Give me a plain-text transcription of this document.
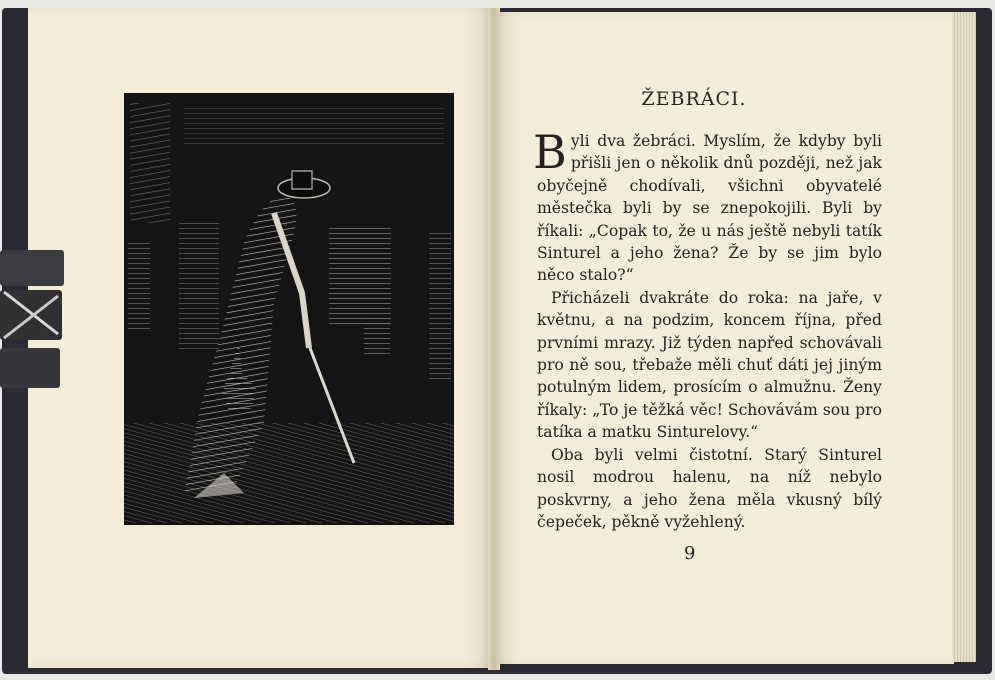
ŽEBRÁCI.

Byli dva žebráci. Myslím, že kdyby byli přišli jen o několik dnů později, než jak obyčejně chodívali, všichni obyvatelé městečka byli by se znepokojili. Byli by říkali: „Copak to, že u nás ještě nebyli tatík Sinturel a jeho žena? Že by se jim bylo něco stalo?“

Přicházeli dvakráte do roka: na jaře, v květnu, a na podzim, koncem října, před prvními mrazy. Již týden napřed schovávali pro ně sou, třebaže měli chuť dáti jej jiným potulným lidem, prosícím o almužnu. Ženy říkaly: „To je těžká věc! Schovávám sou pro tatíka a matku Sinturelovy.“

Oba byli velmi čistotní. Starý Sinturel nosil modrou halenu, na níž nebylo poskvrny, a jeho žena měla vkusný bílý čepeček, pěkně vyžehlený.

9
